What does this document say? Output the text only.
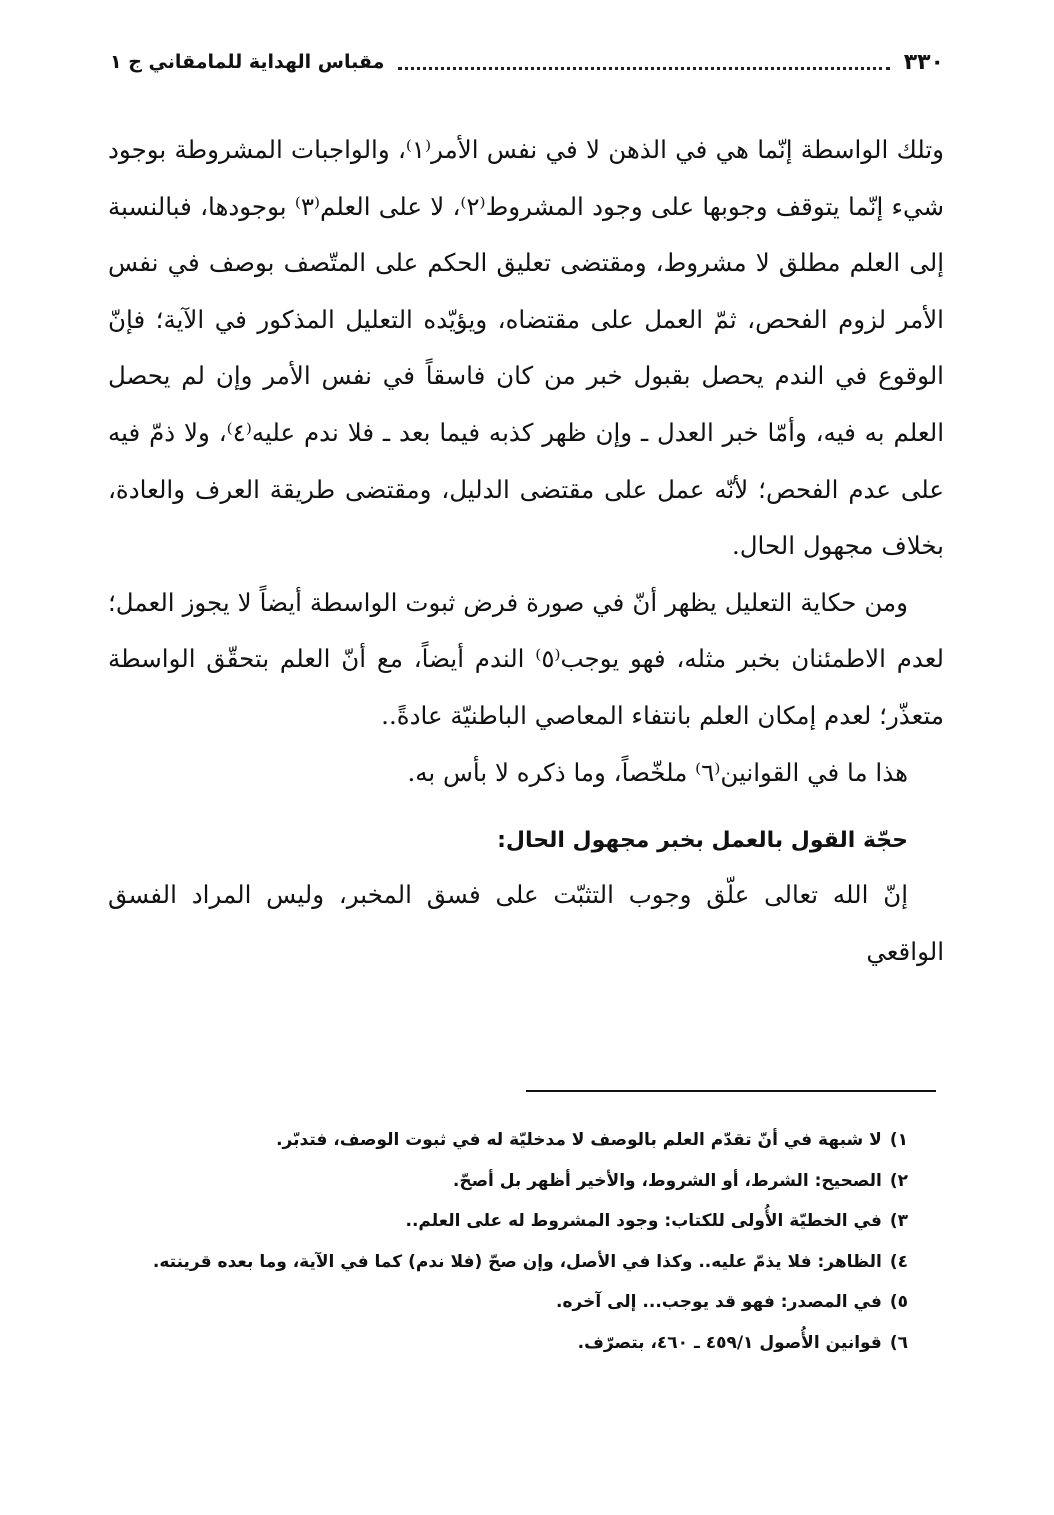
٣٣٠
مقباس الهداية للمامقاني ج ١

وتلك الواسطة إنّما هي في الذهن لا في نفس الأمر⁽١⁾، والواجبات المشروطة بوجود شيء إنّما يتوقف وجوبها على وجود المشروط⁽٢⁾، لا على العلم⁽٣⁾ بوجودها، فبالنسبة إلى العلم مطلق لا مشروط، ومقتضى تعليق الحكم على المتّصف بوصف في نفس الأمر لزوم الفحص، ثمّ العمل على مقتضاه، ويؤيّده التعليل المذكور في الآية؛ فإنّ الوقوع في الندم يحصل بقبول خبر من كان فاسقاً في نفس الأمر وإن لم يحصل العلم به فيه، وأمّا خبر العدل ـ وإن ظهر كذبه فيما بعد ـ فلا ندم عليه⁽٤⁾، ولا ذمّ فيه على عدم الفحص؛ لأنّه عمل على مقتضى الدليل، ومقتضى طريقة العرف والعادة، بخلاف مجهول الحال.

ومن حكاية التعليل يظهر أنّ في صورة فرض ثبوت الواسطة أيضاً لا يجوز العمل؛ لعدم الاطمئنان بخبر مثله، فهو يوجب⁽٥⁾ الندم أيضاً، مع أنّ العلم بتحقّق الواسطة متعذّر؛ لعدم إمكان العلم بانتفاء المعاصي الباطنيّة عادةً..

هذا ما في القوانين⁽٦⁾ ملخّصاً، وما ذكره لا بأس به.

حجّة القول بالعمل بخبر مجهول الحال:

إنّ الله تعالى علّق وجوب التثبّت على فسق المخبر، وليس المراد الفسق الواقعي

١)لا شبهة في أنّ تقدّم العلم بالوصف لا مدخليّة له في ثبوت الوصف، فتدبّر.
٢)الصحيح: الشرط، أو الشروط، والأخير أظهر بل أصحّ.
٣)في الخطيّة الأُولى للكتاب: وجود المشروط له على العلم..
٤)الظاهر: فلا يذمّ عليه.. وكذا في الأصل، وإن صحّ (فلا ندم) كما في الآية، وما بعده قرينته.
٥)في المصدر: فهو قد يوجب... إلى آخره.
٦)قوانين الأُصول ٤٥٩/١ ـ ٤٦٠، بتصرّف.
